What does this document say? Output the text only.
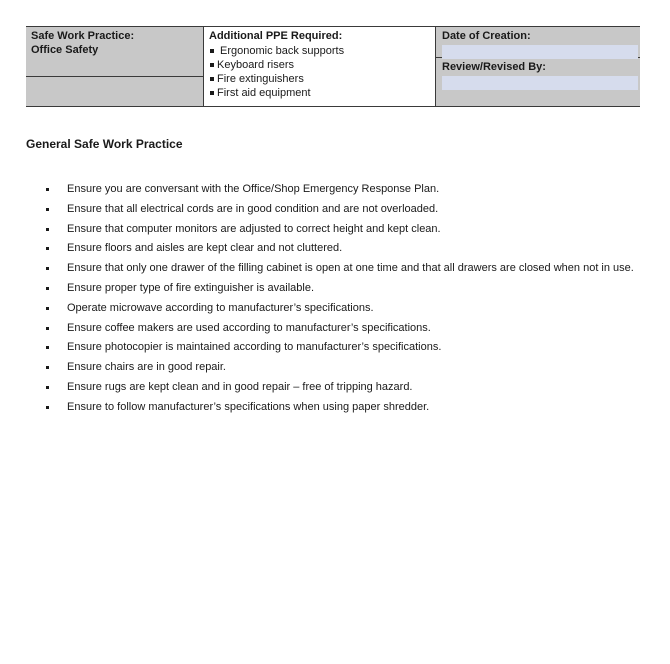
Safe Work Practice:
Office Safety
Additional PPE Required:
Ergonomic back supports
Keyboard risers
Fire extinguishers
First aid equipment
Date of Creation:
Review/Revised By:
General Safe Work Practice
Ensure you are conversant with the Office/Shop Emergency Response Plan.
Ensure that all electrical cords are in good condition and are not overloaded.
Ensure that computer monitors are adjusted to correct height and kept clean.
Ensure floors and aisles are kept clear and not cluttered.
Ensure that only one drawer of the filling cabinet is open at one time and that all drawers are closed when not in use.
Ensure proper type of fire extinguisher is available.
Operate microwave according to manufacturer’s specifications.
Ensure coffee makers are used according to manufacturer’s specifications.
Ensure photocopier is maintained according to manufacturer’s specifications.
Ensure chairs are in good repair.
Ensure rugs are kept clean and in good repair – free of tripping hazard.
Ensure to follow manufacturer’s specifications when using paper shredder.
